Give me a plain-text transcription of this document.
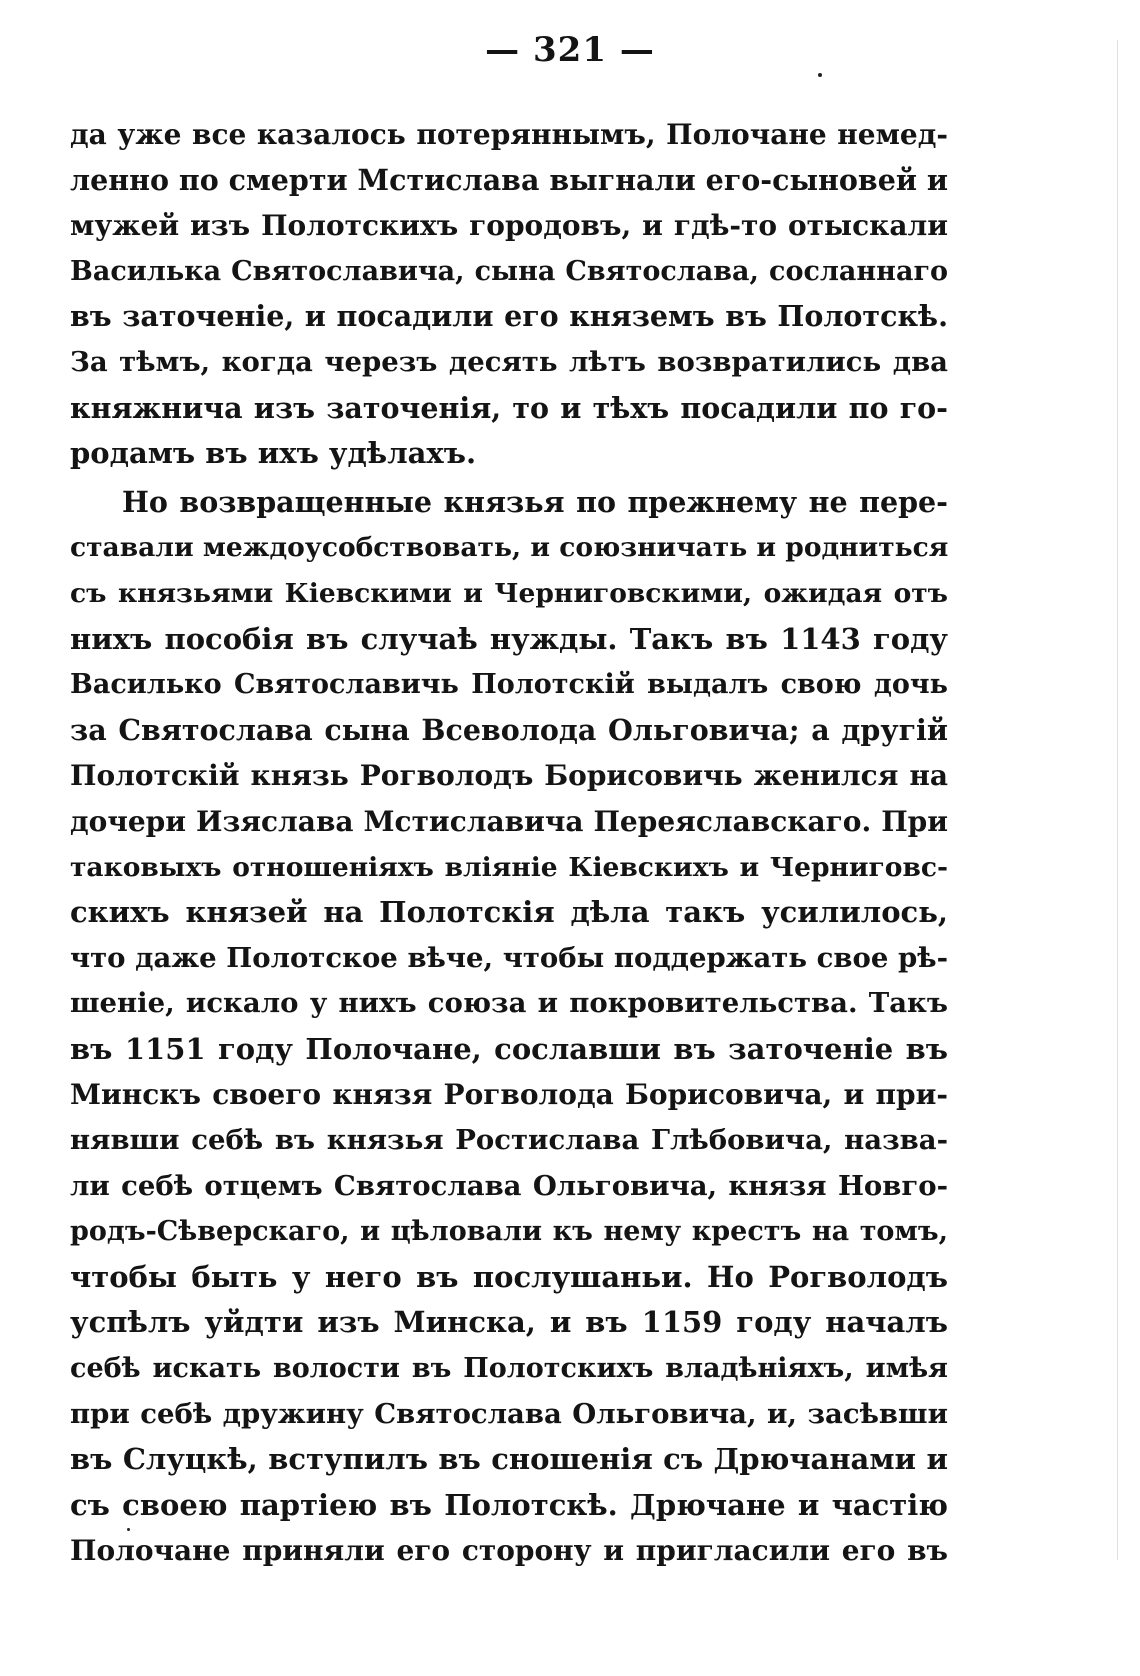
— 321 —
да уже все казалось потеряннымъ, Полочане немед-
ленно по смерти Мстислава выгнали его-сыновей и
мужей изъ Полотскихъ городовъ, и гдѣ-то отыскали
Василька Святославича, сына Святослава, сосланнаго
въ заточеніе, и посадили его княземъ въ Полотскѣ.
За тѣмъ, когда черезъ десять лѣтъ возвратились два
княжнича изъ заточенія, то и тѣхъ посадили по го-
родамъ въ ихъ удѣлахъ.
Но возвращенные князья по прежнему не пере-
ставали междоусобствовать, и союзничать и родниться
съ князьями Кіевскими и Черниговскими, ожидая отъ
нихъ пособія въ случаѣ нужды. Такъ въ 1143 году
Василько Святославичь Полотскій выдалъ свою дочь
за Святослава сына Всеволода Ольговича; а другій
Полотскій князь Рогволодъ Борисовичь женился на
дочери Изяслава Мстиславича Переяславскаго. При
таковыхъ отношеніяхъ вліяніе Кіевскихъ и Черниговс-
скихъ князей на Полотскія дѣла такъ усилилось,
что даже Полотское вѣче, чтобы поддержать свое рѣ-
шеніе, искало у нихъ союза и покровительства. Такъ
въ 1151 году Полочане, сославши въ заточеніе въ
Минскъ своего князя Рогволода Борисовича, и при-
нявши себѣ въ князья Ростислава Глѣбовича, назва-
ли себѣ отцемъ Святослава Ольговича, князя Новго-
родъ-Сѣверскаго, и цѣловали къ нему крестъ на томъ,
чтобы быть у него въ послушаньи. Но Рогволодъ
успѣлъ уйдти изъ Минска, и въ 1159 году началъ
себѣ искать волости въ Полотскихъ владѣніяхъ, имѣя
при себѣ дружину Святослава Ольговича, и, засѣвши
въ Слуцкѣ, вступилъ въ сношенія съ Дрючанами и
съ своею партіею въ Полотскѣ. Дрючане и частію
Полочане приняли его сторону и пригласили его въ
